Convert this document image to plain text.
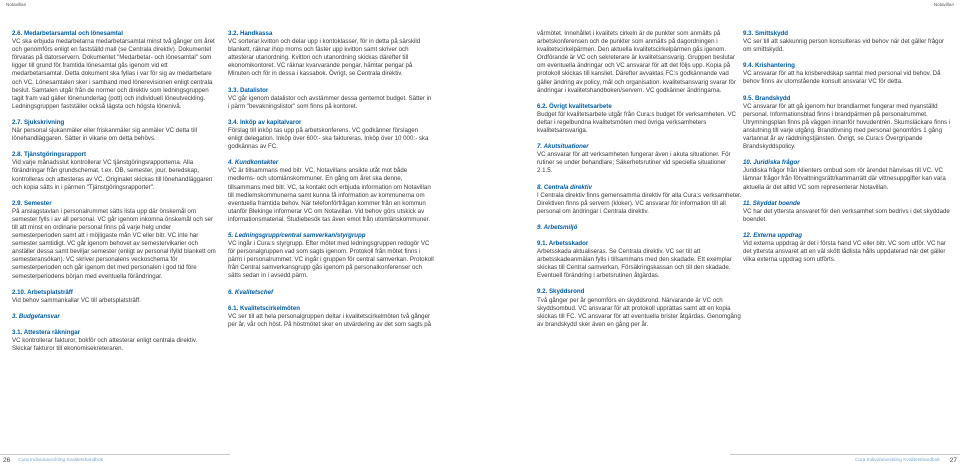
Notavillan	Notavillan
2.6. Medarbetarsamtal och lönesamtal

VC ska erbjuda medarbetarna medarbetarsamtal minst två gånger om året och genomförs enligt en fastställd mall (se Centrala direktiv). Dokumentet förvaras på datorservern. Dokumentet "Medarbetar- och lönesamtal" som ligger till grund för framtida lönesamtal gås igenom vid ett medarbetarsamtal. Detta dokument ska fyllas i var för sig av medarbetare och VC. Lönesamtalen sker i samband med lönerevisionen enligt centrala beslut. Samtalen utgår från de normer och direktiv som ledningsgruppen tagit fram vad gäller lönenunderlag (pott) och individuell löneutveckling. Ledningsgruppen fastställer också lägsta och högsta lönenivå.

2.7. Sjukskrivning

När personal sjukanmäler eller friskanmäler sig anmäler VC detta till lönehandläggaren. Sätter in vikarie om detta behövs.

2.8. Tjänstgöringsrapport

Vid varje månadsslut kontrollerar VC tjänstgöringsrapporterna. Alla förändringar från grundschemat, t.ex. OB, semester, jour, beredskap, kontrolleras och attesteras av VC. Originalet skickas till lönehandläggaren och kopia sätts in i pärmen "Tjänstgöringsrapporter".

2.9. Semester

På anslagstavlan i personalrummet sätts lista upp där önskemål om semester fylls i av all personal. VC går igenom inkomna önskemål och ser till att minst en ordinarie personal finns på varje helg under semesterperioden samt att i möjligaste mån VC eller bitr. VC inte har semester samtidigt. VC går igenom behovet av semestervikarier och anställer dessa samt beviljar semester (enligt av personal ifylld blankett om semesteransökan). VC skriver personalens veckoschema för semesterperioden och går igenom det med personalen i god tid före semesterperiodens början med eventuella förändringar.

2.10. Arbetsplatsträff

Vid behov sammankallar VC till arbetsplatsträff.

3. Budgetansvar
3.1. Attestera räkningar

VC kontrollerar fakturor, bokför och attesterar enligt centrala direktiv. Skickar fakturor till ekonomisekreteraren.

3.2. Handkassa

VC sorterar kvitton och delar upp i kontoklasser, för in detta på särskild blankett, räknar ihop moms och fäster upp kvitton samt skriver och attesterar utanordning. Kvitton och utanordning skickas därefter till ekonomikontoret. VC räknar kvarvarande pengar, hämtar pengar på Minuten och för in dessa i kassabok. Övrigt, se Centrala direktiv.

3.3. Datalistor

VC går igenom datalistor och avstämmer dessa gentemot budget. Sätter in i pärm "bevakningslistor" som finns på kontoret.

3.4. Inköp av kapitalvaror

Förslag till inköp tas upp på arbetskonferens. VC godkänner förslagen enligt delegation. Inköp över 600:- ska faktureras. Inköp över 10 000:- ska godkännas av FC.

4. Kundkontakter

VC är tillsammans med bitr. VC, Notavillans ansikte utåt mot både medlems- och utomlänskommuner. En gång om året ska denne, tillsammans med bitr. VC, ta kontakt och erbjuda information om Notavillan till medlemskommunerna samt kunna få information av kommunerna om eventuella framtida behov. När telefonförfrågan kommer från en kommun utanför Blekinge informerar VC om Notavillan. Vid behov görs utskick av informationsmaterial. Studiebesök tas även emot från utomlänskommuner.

5. Ledningsgrupp/central samverkan/styrgrupp

VC ingår i Cura:s styrgrupp. Efter mötet med ledningsgruppen redogör VC för personalgruppen vad som sagts igenom. Protokoll från mötet finns i pärm i personalrummet. VC ingår i gruppen för central samverkan. Protokoll från Central samverkansgrupp gås igenom på personalkonferenser och sätts sedan in i avsedd pärm.

6. Kvalitetschef
6.1. Kvalitetscirkelmöten

VC ser till att hela personalgruppen deltar i kvalitetscirkelmöten två gånger per år, vår och höst. På höstmötet sker en utvärdering av det som sagts på

vårmötet. Innehållet i kvalitets cirkeln är de punkter som anmälts på arbetskonferensen och de punkter som anmälts på dagordningen i kvalitetscirkelpärmen. Den aktuella kvalitetscirkelpärmen gås igenom. Ordförande är VC och sekreterare är kvalitetsansvarig. Gruppen beslutar om eventuella ändringar och VC ansvarar för att det följs upp. Kopia på protokoll skickas till kansliet. Därefter avvaktas FC:s godkännande vad gäller ändring av policy, mål och organisation. kvalitetsansvarig svarar för ändringar i kvalitetshandboken/servern. VC godkänner ändringarna.

6.2. Övrigt kvalitetsarbete

Budget för kvalitetsarbete utgår från Cura:s budget för verksamheten. VC deltar i regelbundna kvalitetsmöten med övriga verksamheters kvalitetsansvariga.

7. Akutsituationer

VC ansvarar för att verksamheten fungerar även i akuta situationer. För rutiner se under behandlare; Säkerhetsrutiner vid speciella situationer 2.1.5.

8. Centrala direktiv

I Centrala direktiv finns gemensamma direktiv för alla Cura:s verksamheter. Direktiven finns på servern (kloker). VC ansvarar för information till all personal om ändringar i Centrala direktiv.

9. Arbetsmiljö
9.1. Arbetsskador

Arbetsskada aktualiseras. Se Centrala direktiv. VC ser till att arbetsskadeanmälan fylls i tillsammans med den skadade. Ett exemplar skickas till Central samverkan, Försäkringskassan och till den skadade. Eventuell förändring i arbetsrutinen åtgärdas.

9.2. Skyddsrond

Två gånger per år genomförs en skyddsrond. Närvarande är VC och skyddsombud. VC ansvarar för att protokoll upprättas samt att en kopia skickas till FC. VC ansvarar för att eventuella brister åtgärdas. Genomgång av brandskydd sker även en gång per år.

9.3. Smittskydd

VC ser till att sakkunnig person konsulteras vid behov när det gäller frågor om smittskydd.

9.4. Krishantering

VC ansvarar för att ha krisberedskap samtal med personal vid behov. Då behov finns av utomstående konsult ansvarar VC för detta.

9.5. Brandskydd

VC ansvarar för att gå igenom hur brandlarmet fungerar med nyanställd personal. Informationsblad finns i brandpärmen på personalrummet. Utrymningsplan finns på väggen innanför huvudentrén. Skumsläckare finns i anslutning till varje utgång. Brandövning med personal genomförs 1 gång vartannat år av räddningstjänsten. Övrigt, se Cura:s Övergripande Brandskyddspolicy.

10. Juridiska frågor

Juridiska frågor från klienters ombud som rör ärendet hänvisas till VC. VC lämnar frågor från förvaltningsrätt/kammarrätt där vittnesuppgifter kan vara aktuella är det alltid VC som representerar Notavillan.

11. Skyddat boende

VC har det yttersta ansvaret för den verksamhet som bedrivs i det skyddade boendet.

12. Externa uppdrag

Vid externa uppdrag är det i första hand VC eller bitr. VC som utför. VC har det yttersta ansvaret att en väl skött lådlista hålls uppdaterad när det gäller vilka externa uppdrag som utförts.

26 Cura Individutveckling Kvalitetshandbok	Cura Individutveckling Kvalitetshandbok 27
